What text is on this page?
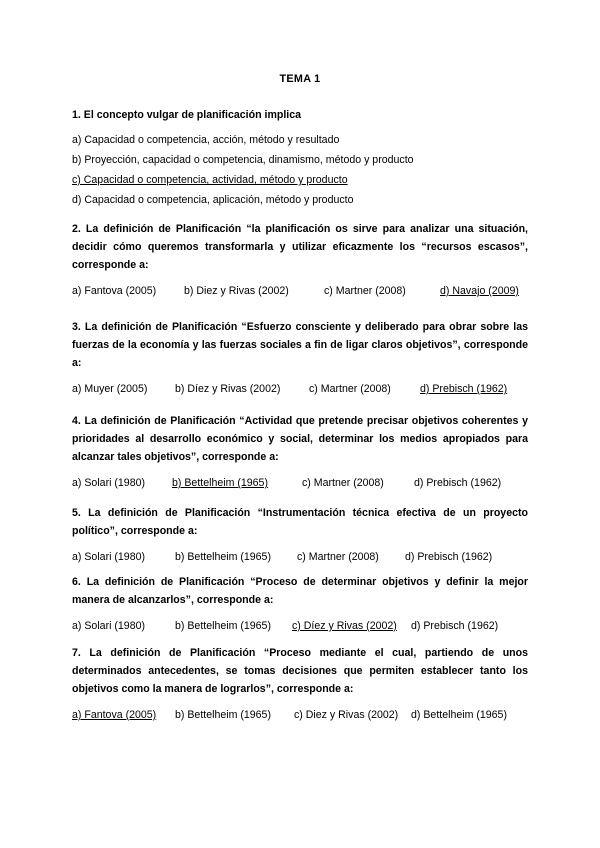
TEMA 1

1. El concepto vulgar de planificación implica

a) Capacidad o competencia, acción, método y resultado

b) Proyección, capacidad o competencia, dinamismo, método y producto

c) Capacidad o competencia, actividad, método y producto

d) Capacidad o competencia, aplicación, método y producto

2. La definición de Planificación “la planificación os sirve para analizar una situación, decidir cómo queremos transformarla y utilizar eficazmente los “recursos escasos”, corresponde a:

a) Fantova (2005)	b) Diez y Rivas (2002)	c) Martner (2008)	d) Navajo (2009)

3. La definición de Planificación “Esfuerzo consciente y deliberado para obrar sobre las fuerzas de la economía y las fuerzas sociales a fin de ligar claros objetivos”, corresponde a:

a) Muyer (2005)	b) Díez y Rivas (2002)	c) Martner (2008)	d) Prebisch (1962)

4. La definición de Planificación “Actividad que pretende precisar objetivos coherentes y prioridades al desarrollo económico y social, determinar los medios apropiados para alcanzar tales objetivos”, corresponde a:

a) Solari (1980)	b) Bettelheim (1965)	c) Martner (2008)	d) Prebisch (1962)

5. La definición de Planificación “Instrumentación técnica efectiva de un proyecto político”, corresponde a:

a) Solari (1980)	b) Bettelheim (1965)	c) Martner (2008)	d) Prebisch (1962)

6. La definición de Planificación “Proceso de determinar objetivos y definir la mejor manera de alcanzarlos”, corresponde a:

a) Solari (1980)	b) Bettelheim (1965)	c) Díez y Rivas (2002)	d) Prebisch (1962)

7. La definición de Planificación “Proceso mediante el cual, partiendo de unos determinados antecedentes, se tomas decisiones que permiten establecer tanto los objetivos como la manera de lograrlos”, corresponde a:

a) Fantova (2005)	b) Bettelheim (1965)	c) Diez y Rivas (2002)	d) Bettelheim (1965)
